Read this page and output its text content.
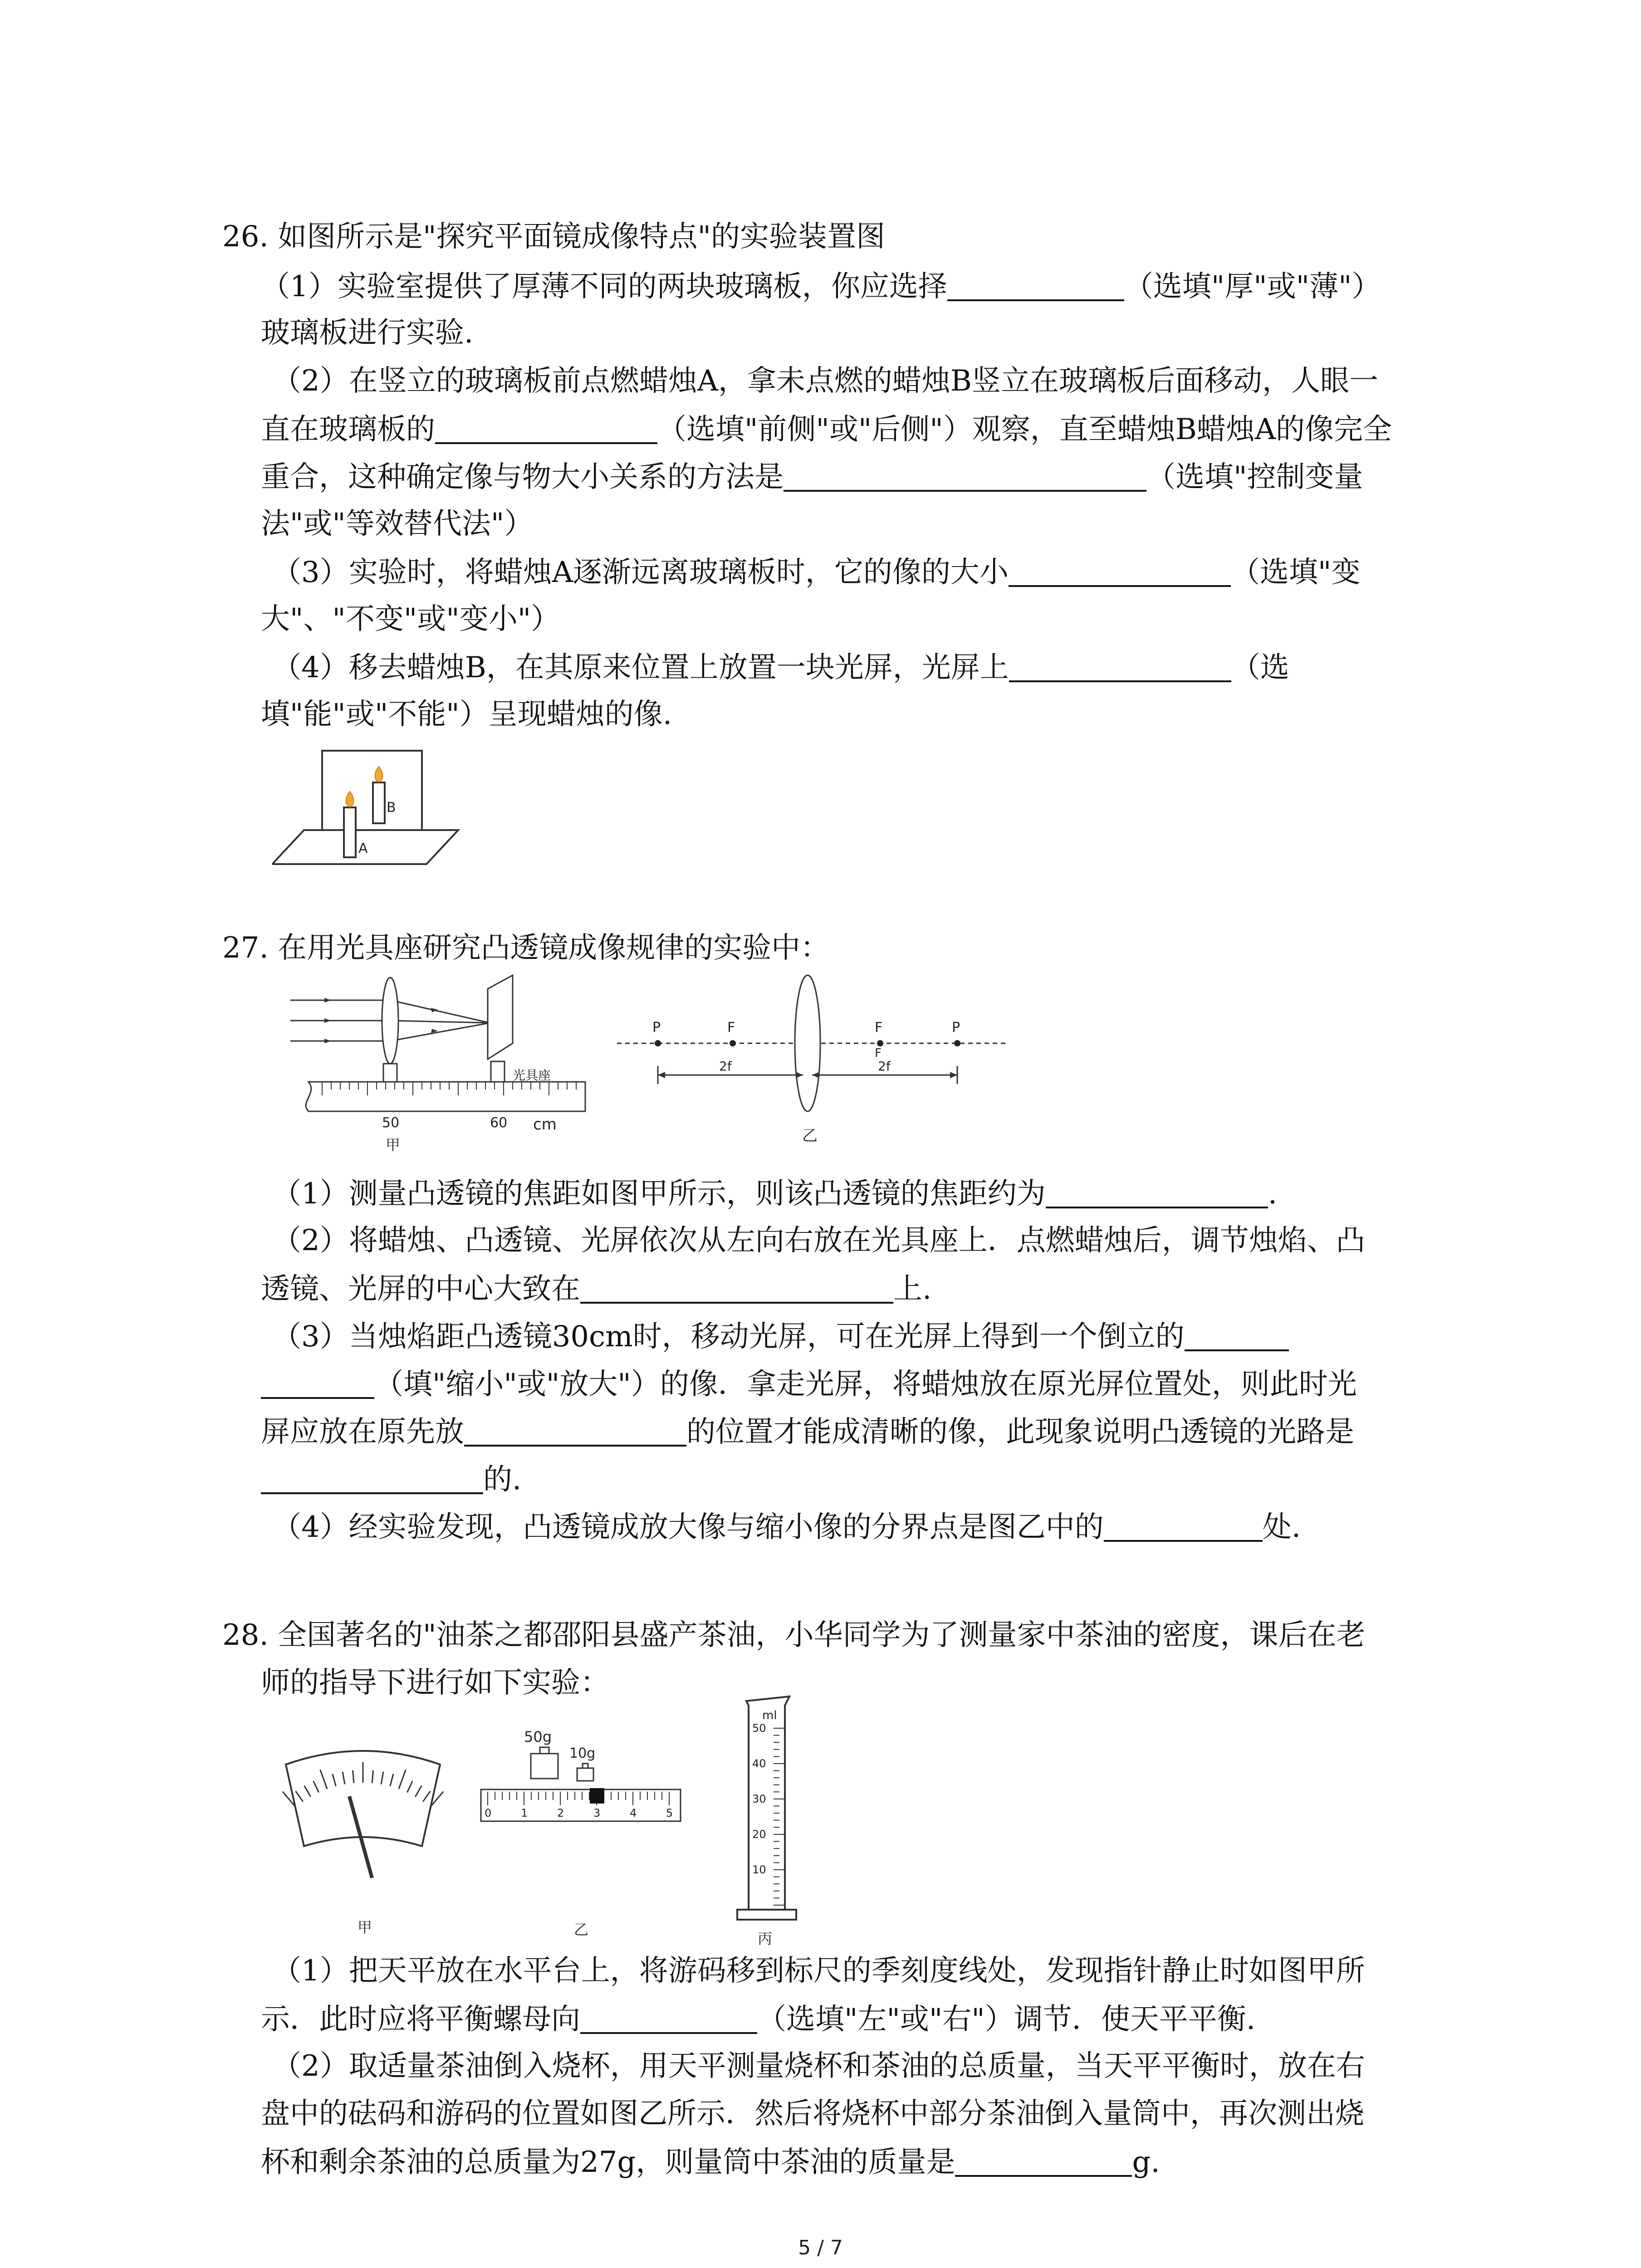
26. 如图所示是"探究平面镜成像特点"的实验装置图
（1）实验室提供了厚薄不同的两块玻璃板，你应选择	（选填"厚"或"薄"）
玻璃板进行实验.
（2）在竖立的玻璃板前点燃蜡烛A，拿未点燃的蜡烛B竖立在玻璃板后面移动，人眼一
直在玻璃板的	（选填"前侧"或"后侧"）观察，直至蜡烛B蜡烛A的像完全
重合，这种确定像与物大小关系的方法是	（选填"控制变量
法"或"等效替代法"）
（3）实验时，将蜡烛A逐渐远离玻璃板时，它的像的大小	（选填"变
大"、"不变"或"变小"）
（4）移去蜡烛B，在其原来位置上放置一块光屏，光屏上	（选
填"能"或"不能"）呈现蜡烛的像.
B
A
27. 在用光具座研究凸透镜成像规律的实验中：
光具座
50	60 cm
甲
P	F	F
F
P
2f	2f
乙
（1）测量凸透镜的焦距如图甲所示，则该凸透镜的焦距约为	.
（2）将蜡烛、凸透镜、光屏依次从左向右放在光具座上．点燃蜡烛后，调节烛焰、凸
透镜、光屏的中心大致在	上.
（3）当烛焰距凸透镜30cm时，移动光屏，可在光屏上得到一个倒立的
（填"缩小"或"放大"）的像．拿走光屏，将蜡烛放在原光屏位置处，则此时光
屏应放在原先放	的位置才能成清晰的像，此现象说明凸透镜的光路是
的.
（4）经实验发现，凸透镜成放大像与缩小像的分界点是图乙中的	处.
28. 全国著名的"油茶之都邵阳县盛产茶油，小华同学为了测量家中茶油的密度，课后在老
师的指导下进行如下实验：
甲
50g
10g
0	1	2	3	4	5
乙
ml
50
40
30
20
10
丙
（1）把天平放在水平台上，将游码移到标尺的季刻度线处，发现指针静止时如图甲所
示．此时应将平衡螺母向	（选填"左"或"右"）调节．使天平平衡.
（2）取适量茶油倒入烧杯，用天平测量烧杯和茶油的总质量，当天平平衡时，放在右
盘中的砝码和游码的位置如图乙所示．然后将烧杯中部分茶油倒入量筒中，再次测出烧
杯和剩余茶油的总质量为27g，则量筒中茶油的质量是	g.
5 / 7
